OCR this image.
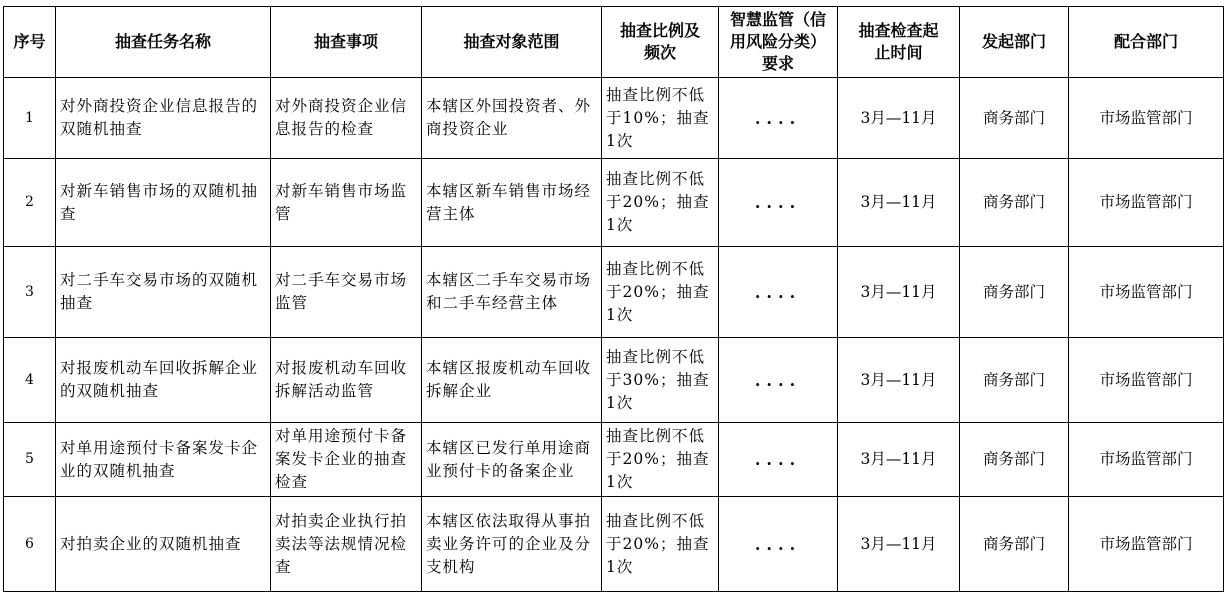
序号	抽查任务名称	抽查事项	抽查对象范围	抽查比例及频次	智慧监管（信用风险分类）要求	抽查检查起止时间	发起部门	配合部门
1	对外商投资企业信息报告的双随机抽查	对外商投资企业信息报告的检查	本辖区外国投资者、外商投资企业	抽查比例不低于10%；抽查1次	....	3月—11月	商务部门	市场监管部门
2	对新车销售市场的双随机抽查	对新车销售市场监管	本辖区新车销售市场经营主体	抽查比例不低于20%；抽查1次	....	3月—11月	商务部门	市场监管部门
3	对二手车交易市场的双随机抽查	对二手车交易市场监管	本辖区二手车交易市场和二手车经营主体	抽查比例不低于20%；抽查1次	....	3月—11月	商务部门	市场监管部门
4	对报废机动车回收拆解企业的双随机抽查	对报废机动车回收拆解活动监管	本辖区报废机动车回收拆解企业	抽查比例不低于30%；抽查1次	....	3月—11月	商务部门	市场监管部门
5	对单用途预付卡备案发卡企业的双随机抽查	对单用途预付卡备案发卡企业的抽查检查	本辖区已发行单用途商业预付卡的备案企业	抽查比例不低于20%；抽查1次	....	3月—11月	商务部门	市场监管部门
6	对拍卖企业的双随机抽查	对拍卖企业执行拍卖法等法规情况检查	本辖区依法取得从事拍卖业务许可的企业及分支机构	抽查比例不低于20%；抽查1次	....	3月—11月	商务部门	市场监管部门
